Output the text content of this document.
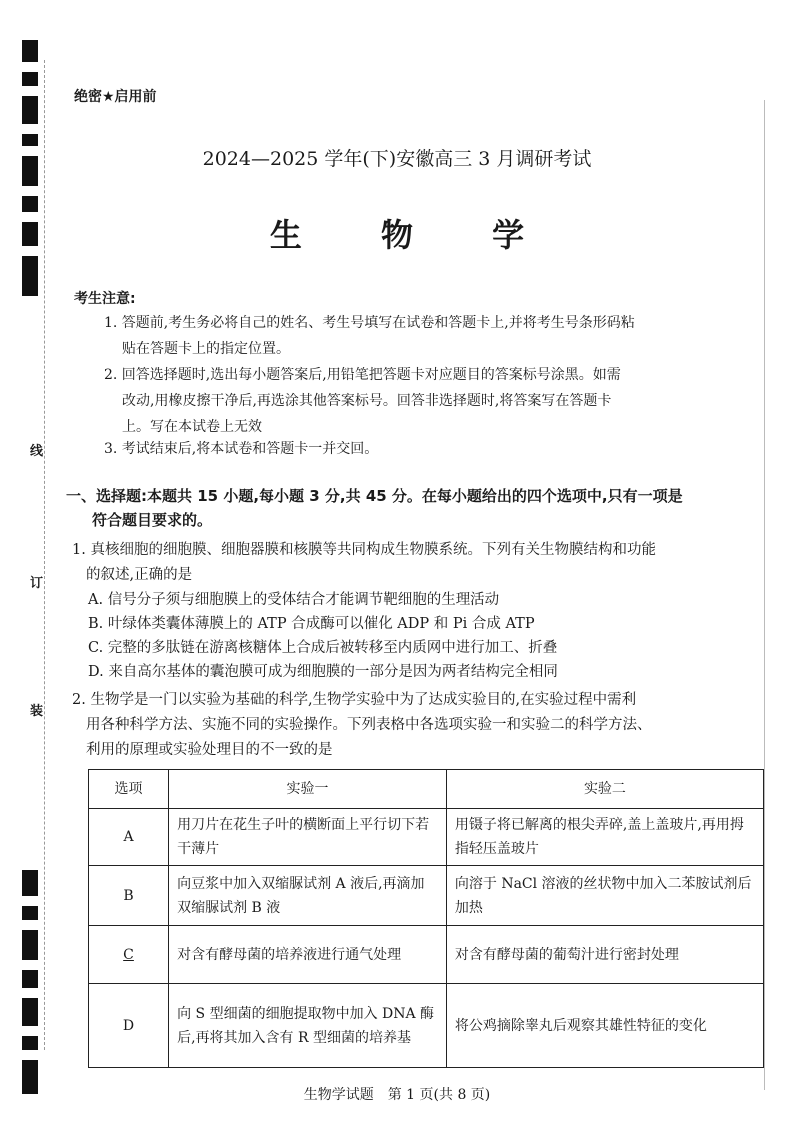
线
订
装
绝密★启用前
2024—2025 学年(下)安徽高三 3 月调研考试
生 物 学
考生注意:
1. 答题前,考生务必将自己的姓名、考生号填写在试卷和答题卡上,并将考生号条形码粘
贴在答题卡上的指定位置。
2. 回答选择题时,选出每小题答案后,用铅笔把答题卡对应题目的答案标号涂黑。如需
改动,用橡皮擦干净后,再选涂其他答案标号。回答非选择题时,将答案写在答题卡
上。写在本试卷上无效
3. 考试结束后,将本试卷和答题卡一并交回。
一、选择题:本题共 15 小题,每小题 3 分,共 45 分。在每小题给出的四个选项中,只有一项是
符合题目要求的。
1. 真核细胞的细胞膜、细胞器膜和核膜等共同构成生物膜系统。下列有关生物膜结构和功能
的叙述,正确的是
A. 信号分子须与细胞膜上的受体结合才能调节靶细胞的生理活动
B. 叶绿体类囊体薄膜上的 ATP 合成酶可以催化 ADP 和 Pi 合成 ATP
C. 完整的多肽链在游离核糖体上合成后被转移至内质网中进行加工、折叠
D. 来自高尔基体的囊泡膜可成为细胞膜的一部分是因为两者结构完全相同
2. 生物学是一门以实验为基础的科学,生物学实验中为了达成实验目的,在实验过程中需利
用各种科学方法、实施不同的实验操作。下列表格中各选项实验一和实验二的科学方法、
利用的原理或实验处理目的不一致的是
选项	实验一	实验二
A	用刀片在花生子叶的横断面上平行切下若干薄片	用镊子将已解离的根尖弄碎,盖上盖玻片,再用拇指轻压盖玻片
B	向豆浆中加入双缩脲试剂 A 液后,再滴加双缩脲试剂 B 液	向溶于 NaCl 溶液的丝状物中加入二苯胺试剂后加热
C	对含有酵母菌的培养液进行通气处理	对含有酵母菌的葡萄汁进行密封处理
D	向 S 型细菌的细胞提取物中加入 DNA 酶后,再将其加入含有 R 型细菌的培养基	将公鸡摘除睾丸后观察其雄性特征的变化
生物学试题　第 1 页(共 8 页)
